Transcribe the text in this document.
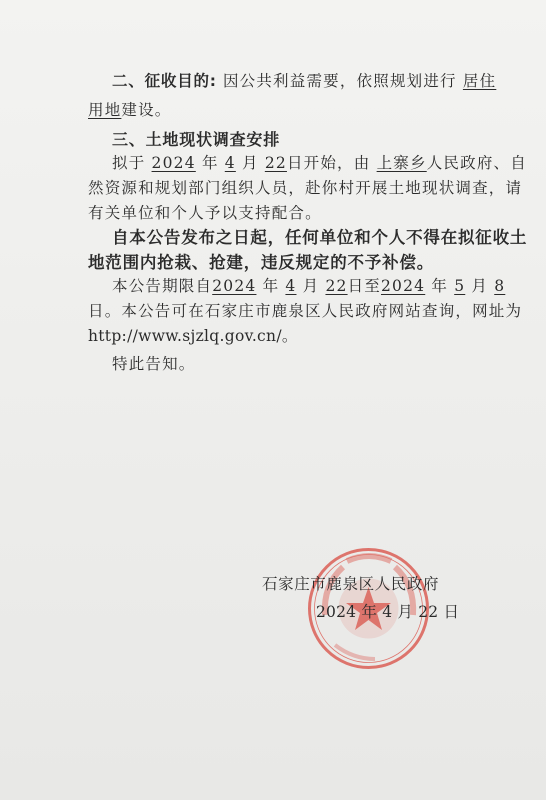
二、征收目的: 因公共利益需要，依照规划进行 居住
用地建设。
三、土地现状调查安排
拟于 2024 年 4 月 22日开始，由 上寨乡人民政府、自
然资源和规划部门组织人员，赴你村开展土地现状调查，请
有关单位和个人予以支持配合。
自本公告发布之日起，任何单位和个人不得在拟征收土
地范围内抢栽、抢建，违反规定的不予补偿。
本公告期限自2024 年 4 月 22日至2024 年 5 月 8
日。本公告可在石家庄市鹿泉区人民政府网站查询，网址为
http://www.sjzlq.gov.cn/。
特此告知。
石家庄市鹿泉区人民政府
2024 年 4 月 22 日
